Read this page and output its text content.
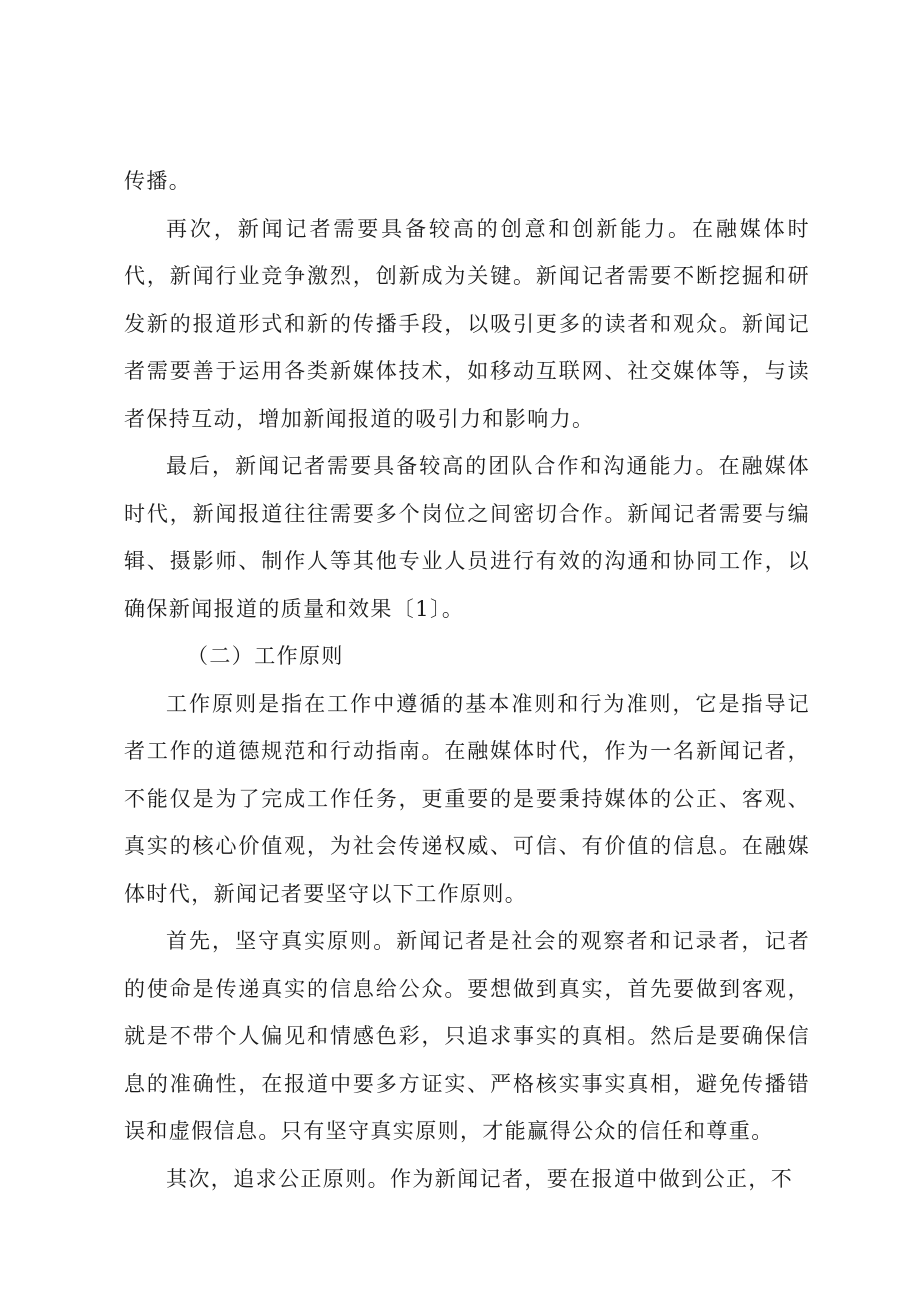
传播。

再次，新闻记者需要具备较高的创意和创新能力。在融媒体时代，新闻行业竞争激烈，创新成为关键。新闻记者需要不断挖掘和研发新的报道形式和新的传播手段，以吸引更多的读者和观众。新闻记者需要善于运用各类新媒体技术，如移动互联网、社交媒体等，与读者保持互动，增加新闻报道的吸引力和影响力。

最后，新闻记者需要具备较高的团队合作和沟通能力。在融媒体时代，新闻报道往往需要多个岗位之间密切合作。新闻记者需要与编辑、摄影师、制作人等其他专业人员进行有效的沟通和协同工作，以确保新闻报道的质量和效果〔1〕。

（二）工作原则

工作原则是指在工作中遵循的基本准则和行为准则，它是指导记者工作的道德规范和行动指南。在融媒体时代，作为一名新闻记者，不能仅是为了完成工作任务，更重要的是要秉持媒体的公正、客观、真实的核心价值观，为社会传递权威、可信、有价值的信息。在融媒体时代，新闻记者要坚守以下工作原则。

首先，坚守真实原则。新闻记者是社会的观察者和记录者，记者的使命是传递真实的信息给公众。要想做到真实，首先要做到客观，就是不带个人偏见和情感色彩，只追求事实的真相。然后是要确保信息的准确性，在报道中要多方证实、严格核实事实真相，避免传播错误和虚假信息。只有坚守真实原则，才能赢得公众的信任和尊重。

其次，追求公正原则。作为新闻记者，要在报道中做到公正，不
